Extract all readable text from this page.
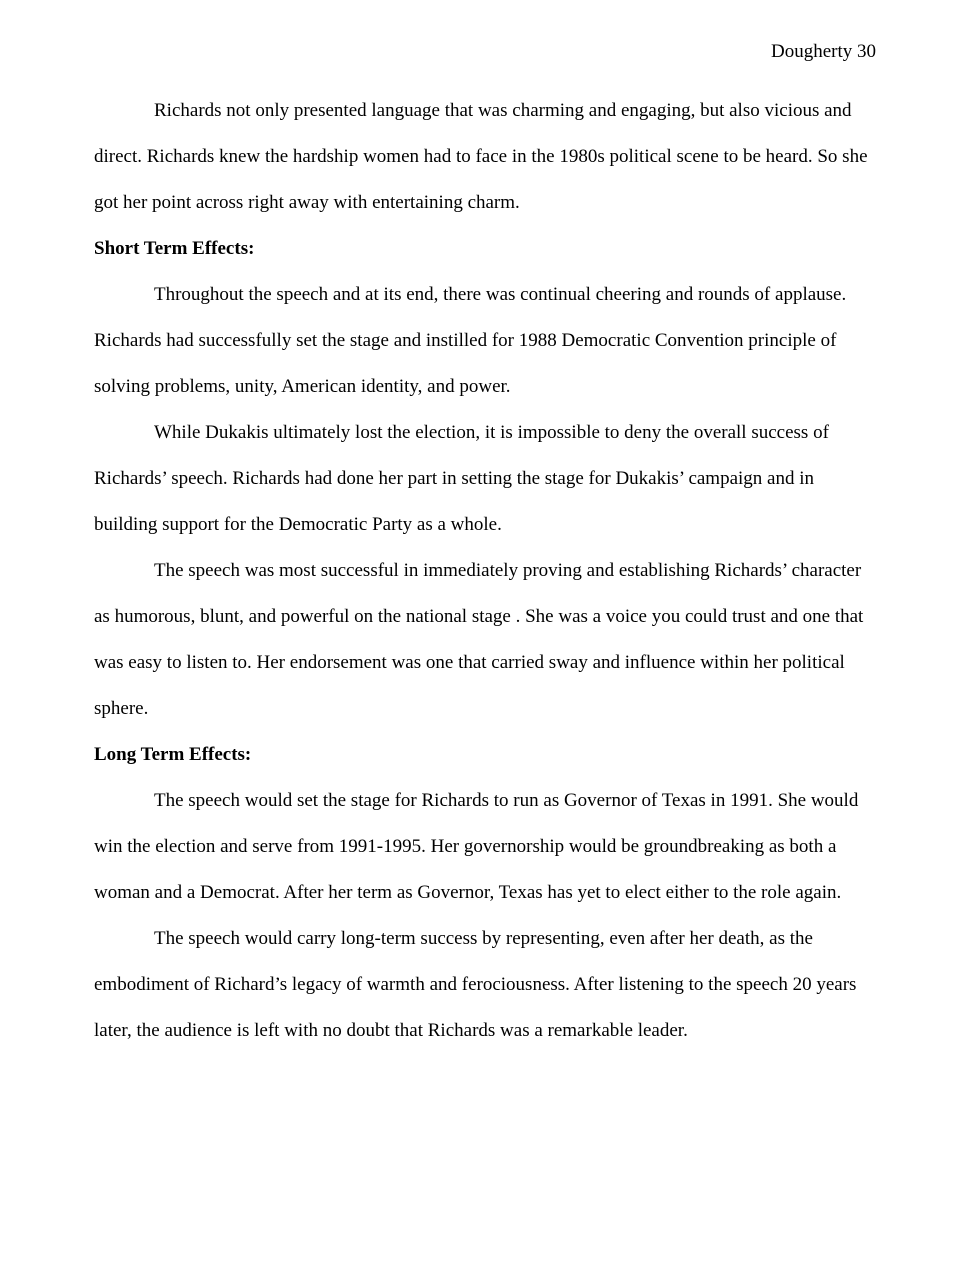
Dougherty 30

Richards not only presented language that was charming and engaging, but also vicious and direct. Richards knew the hardship women had to face in the 1980s political scene to be heard. So she got her point across right away with entertaining charm.

Short Term Effects:

Throughout the speech and at its end, there was continual cheering and rounds of applause. Richards had successfully set the stage and instilled for 1988 Democratic Convention principle of solving problems, unity, American identity, and power.

While Dukakis ultimately lost the election, it is impossible to deny the overall success of Richards’ speech. Richards had done her part in setting the stage for Dukakis’ campaign and in building support for the Democratic Party as a whole.

The speech was most successful in immediately proving and establishing Richards’ character as humorous, blunt, and powerful on the national stage . She was a voice you could trust and one that was easy to listen to. Her endorsement was one that carried sway and influence within her political sphere.

Long Term Effects:

The speech would set the stage for Richards to run as Governor of Texas in 1991. She would win the election and serve from 1991-1995. Her governorship would be groundbreaking as both a woman and a Democrat. After her term as Governor, Texas has yet to elect either to the role again.

The speech would carry long-term success by representing, even after her death, as the embodiment of Richard’s legacy of warmth and ferociousness. After listening to the speech 20 years later, the audience is left with no doubt that Richards was a remarkable leader.
